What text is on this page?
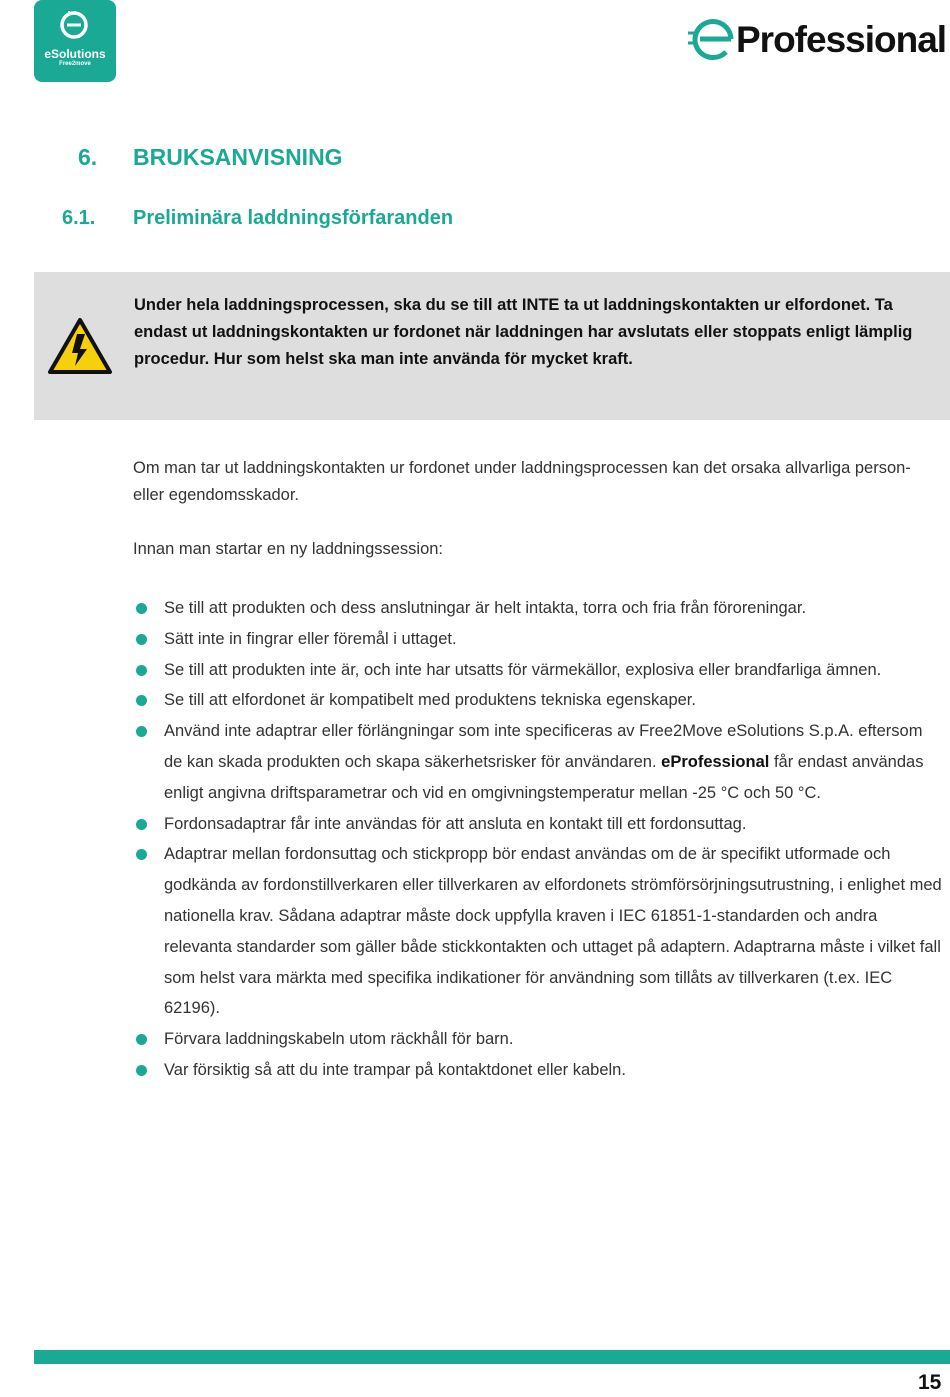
eSolutions
Free2move
Professional
6. BRUKSANVISNING
6.1. Preliminära laddningsförfaranden
Under hela laddningsprocessen, ska du se till att INTE ta ut laddningskontakten ur elfordonet. Ta endast ut laddningskontakten ur fordonet när laddningen har avslutats eller stoppats enligt lämplig procedur. Hur som helst ska man inte använda för mycket kraft.
Om man tar ut laddningskontakten ur fordonet under laddningsprocessen kan det orsaka allvarliga person- eller egendomsskador.
Innan man startar en ny laddningssession:
Se till att produkten och dess anslutningar är helt intakta, torra och fria från föroreningar.
Sätt inte in fingrar eller föremål i uttaget.
Se till att produkten inte är, och inte har utsatts för värmekällor, explosiva eller brandfarliga ämnen.
Se till att elfordonet är kompatibelt med produktens tekniska egenskaper.
Använd inte adaptrar eller förlängningar som inte specificeras av Free2Move eSolutions S.p.A. eftersom de kan skada produkten och skapa säkerhetsrisker för användaren. eProfessional får endast användas enligt angivna driftsparametrar och vid en omgivningstemperatur mellan -25 °C och 50 °C.
Fordonsadaptrar får inte användas för att ansluta en kontakt till ett fordonsuttag.
Adaptrar mellan fordonsuttag och stickpropp bör endast användas om de är specifikt utformade och godkända av fordonstillverkaren eller tillverkaren av elfordonets strömförsörjningsutrustning, i enlighet med nationella krav. Sådana adaptrar måste dock uppfylla kraven i IEC 61851-1-standarden och andra relevanta standarder som gäller både stickkontakten och uttaget på adaptern. Adaptrarna måste i vilket fall som helst vara märkta med specifika indikationer för användning som tillåts av tillverkaren (t.ex. IEC 62196).
Förvara laddningskabeln utom räckhåll för barn.
Var försiktig så att du inte trampar på kontaktdonet eller kabeln.
15
